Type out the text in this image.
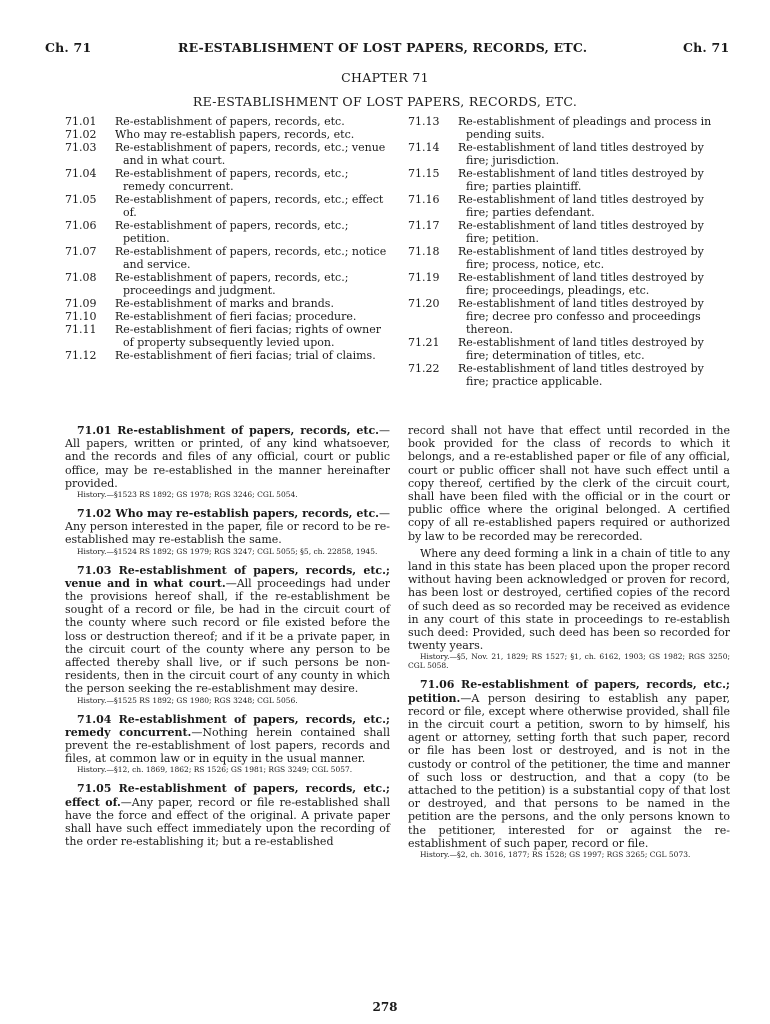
Ch. 71	RE-ESTABLISHMENT OF LOST PAPERS, RECORDS, ETC.	Ch. 71
CHAPTER 71
RE-ESTABLISHMENT OF LOST PAPERS, RECORDS, ETC.
71.01 Re-establishment of papers, records, etc.
71.02 Who may re-establish papers, records, etc.
71.03 Re-establishment of papers, records, etc.; venue and in what court.
71.04 Re-establishment of papers, records, etc.; remedy concurrent.
71.05 Re-establishment of papers, records, etc.; effect of.
71.06 Re-establishment of papers, records, etc.; petition.
71.07 Re-establishment of papers, records, etc.; notice and service.
71.08 Re-establishment of papers, records, etc.; proceedings and judgment.
71.09 Re-establishment of marks and brands.
71.10 Re-establishment of fieri facias; procedure.
71.11 Re-establishment of fieri facias; rights of owner of property subsequently levied upon.
71.12 Re-establishment of fieri facias; trial of claims.
71.13 Re-establishment of pleadings and process in pending suits.
71.14 Re-establishment of land titles destroyed by fire; jurisdiction.
71.15 Re-establishment of land titles destroyed by fire; parties plaintiff.
71.16 Re-establishment of land titles destroyed by fire; parties defendant.
71.17 Re-establishment of land titles destroyed by fire; petition.
71.18 Re-establishment of land titles destroyed by fire; process, notice, etc.
71.19 Re-establishment of land titles destroyed by fire; proceedings, pleadings, etc.
71.20 Re-establishment of land titles destroyed by fire; decree pro confesso and proceedings thereon.
71.21 Re-establishment of land titles destroyed by fire; determination of titles, etc.
71.22 Re-establishment of land titles destroyed by fire; practice applicable.

71.01 Re-establishment of papers, records, etc.—All papers, written or printed, of any kind whatsoever, and the records and files of any official, court or public office, may be re-established in the manner hereinafter provided.

History.—§1523 RS 1892; GS 1978; RGS 3246; CGL 5054.

71.02 Who may re-establish papers, records, etc.—Any person interested in the paper, file or record to be re-established may re-establish the same.

History.—§1524 RS 1892; GS 1979; RGS 3247; CGL 5055; §5, ch. 22858, 1945.

71.03 Re-establishment of papers, records, etc.; venue and in what court.—All proceedings had under the provisions hereof shall, if the re-establishment be sought of a record or file, be had in the circuit court of the county where such record or file existed before the loss or destruction thereof; and if it be a private paper, in the circuit court of the county where any person to be affected thereby shall live, or if such persons be non-residents, then in the circuit court of any county in which the person seeking the re-establishment may desire.

History.—§1525 RS 1892; GS 1980; RGS 3248; CGL 5056.

71.04 Re-establishment of papers, records, etc.; remedy concurrent.—Nothing herein contained shall prevent the re-establishment of lost papers, records and files, at common law or in equity in the usual manner.

History.—§12, ch. 1869, 1862; RS 1526; GS 1981; RGS 3249; CGL 5057.

71.05 Re-establishment of papers, records, etc.; effect of.—Any paper, record or file re-established shall have the force and effect of the original. A private paper shall have such effect immediately upon the recording of the order re-establishing it; but a re-established

record shall not have that effect until recorded in the book provided for the class of records to which it belongs, and a re-established paper or file of any official, court or public officer shall not have such effect until a copy thereof, certified by the clerk of the circuit court, shall have been filed with the official or in the court or public office where the original belonged. A certified copy of all re-established papers required or authorized by law to be recorded may be rerecorded.

Where any deed forming a link in a chain of title to any land in this state has been placed upon the proper record without having been acknowledged or proven for record, has been lost or destroyed, certified copies of the record of such deed as so recorded may be received as evidence in any court of this state in proceedings to re-establish such deed: Provided, such deed has been so recorded for twenty years.

History.—§5, Nov. 21, 1829; RS 1527; §1, ch. 6162, 1903; GS 1982; RGS 3250; CGL 5058.

71.06 Re-establishment of papers, records, etc.; petition.—A person desiring to establish any paper, record or file, except where otherwise provided, shall file in the circuit court a petition, sworn to by himself, his agent or attorney, setting forth that such paper, record or file has been lost or destroyed, and is not in the custody or control of the petitioner, the time and manner of such loss or destruction, and that a copy (to be attached to the petition) is a substantial copy of that lost or destroyed, and that persons to be named in the petition are the persons, and the only persons known to the petitioner, interested for or against the re-establishment of such paper, record or file.

History.—§2, ch. 3016, 1877; RS 1528; GS 1997; RGS 3265; CGL 5073.

278
